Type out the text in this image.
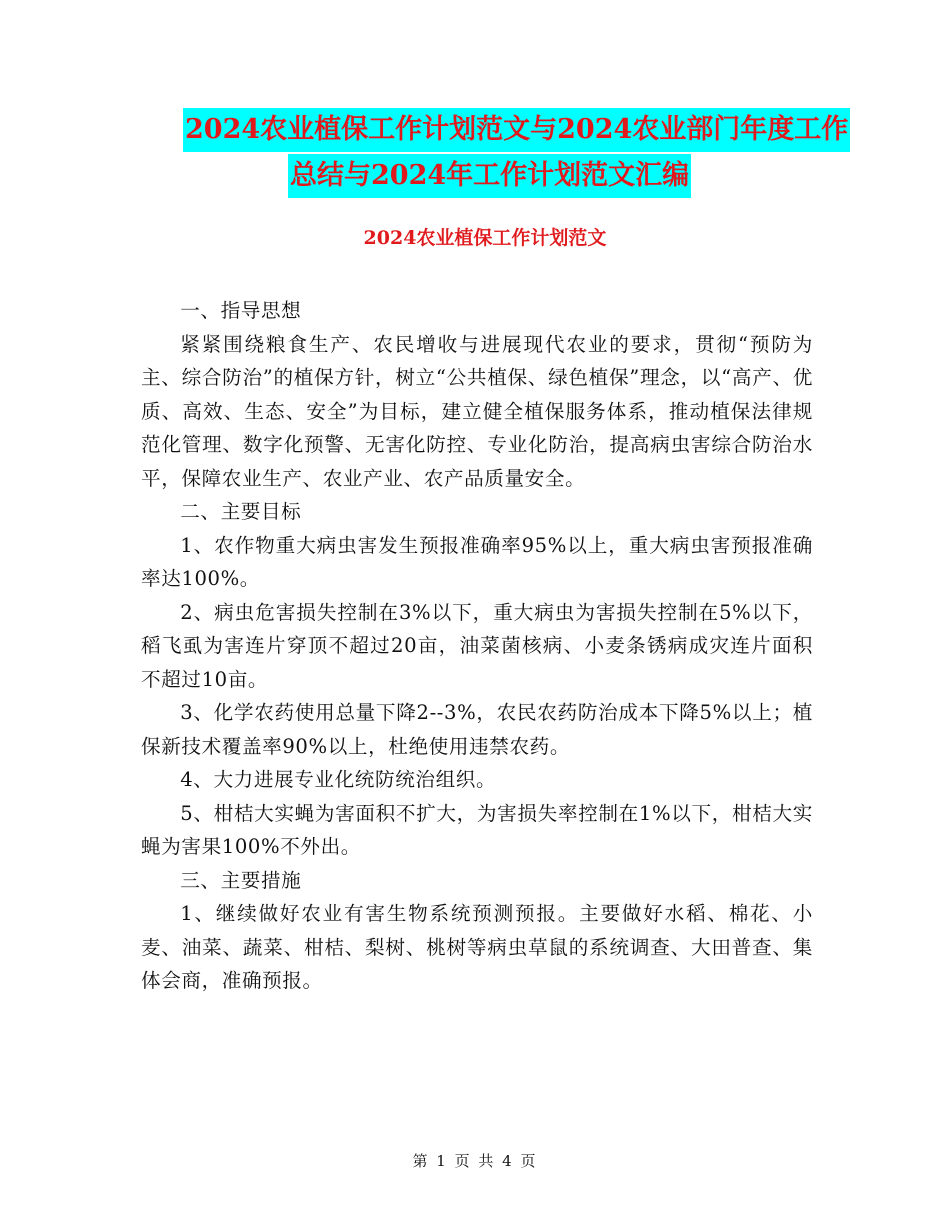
2024农业植保工作计划范文与2024农业部门年度工作
总结与2024年工作计划范文汇编
2024农业植保工作计划范文

一、指导思想

紧紧围绕粮食生产、农民增收与进展现代农业的要求，贯彻“预防为主、综合防治”的植保方针，树立“公共植保、绿色植保”理念，以“高产、优质、高效、生态、安全”为目标，建立健全植保服务体系，推动植保法律规范化管理、数字化预警、无害化防控、专业化防治，提高病虫害综合防治水平，保障农业生产、农业产业、农产品质量安全。

二、主要目标

1、农作物重大病虫害发生预报准确率95%以上，重大病虫害预报准确率达100%。

2、病虫危害损失控制在3%以下，重大病虫为害损失控制在5%以下，稻飞虱为害连片穿顶不超过20亩，油菜菌核病、小麦条锈病成灾连片面积不超过10亩。

3、化学农药使用总量下降2--3%，农民农药防治成本下降5%以上；植保新技术覆盖率90%以上，杜绝使用违禁农药。

4、大力进展专业化统防统治组织。

5、柑桔大实蝇为害面积不扩大，为害损失率控制在1%以下，柑桔大实蝇为害果100%不外出。

三、主要措施

1、继续做好农业有害生物系统预测预报。主要做好水稻、棉花、小麦、油菜、蔬菜、柑桔、梨树、桃树等病虫草鼠的系统调查、大田普查、集体会商，准确预报。

第 1 页 共 4 页
